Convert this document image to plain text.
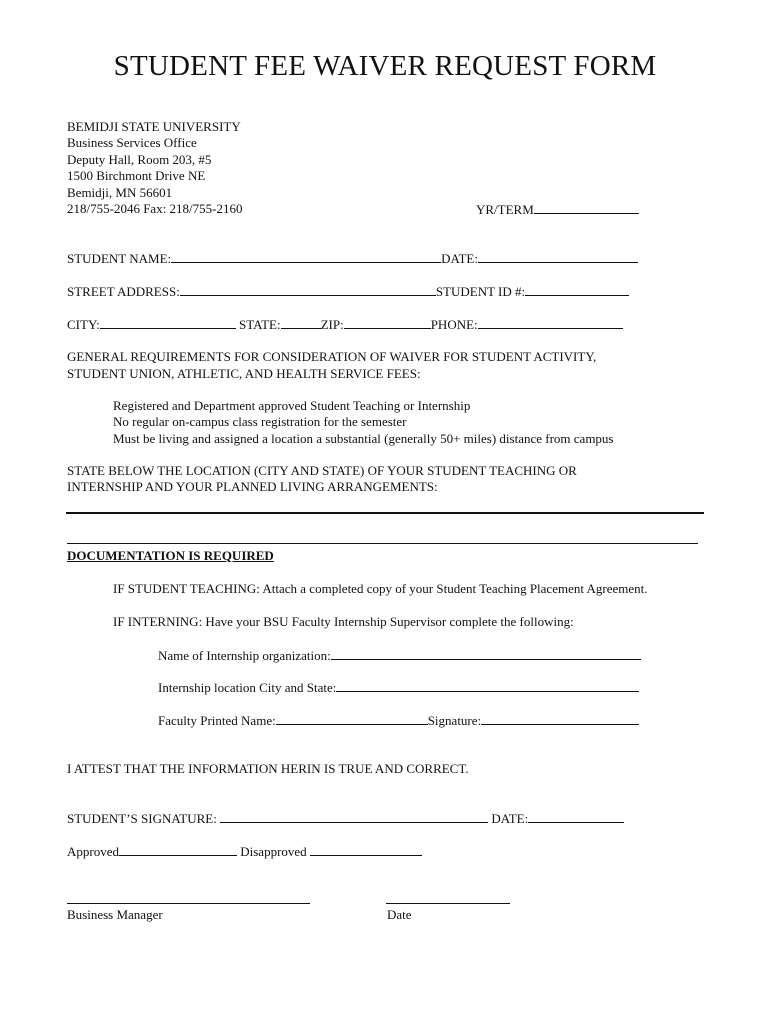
STUDENT FEE WAIVER REQUEST FORM
BEMIDJI STATE UNIVERSITY
Business Services Office
Deputy Hall, Room 203, #5
1500 Birchmont Drive NE
Bemidji, MN 56601
218/755-2046 Fax: 218/755-2160	YR/TERM
STUDENT NAME:	DATE:
STREET ADDRESS:	STUDENT ID #:
CITY:	STATE:	ZIP:	PHONE:
GENERAL REQUIREMENTS FOR CONSIDERATION OF WAIVER FOR STUDENT ACTIVITY,
STUDENT UNION, ATHLETIC, AND HEALTH SERVICE FEES:
Registered and Department approved Student Teaching or Internship
No regular on-campus class registration for the semester
Must be living and assigned a location a substantial (generally 50+ miles) distance from campus
STATE BELOW THE LOCATION (CITY AND STATE) OF YOUR STUDENT TEACHING OR
INTERNSHIP AND YOUR PLANNED LIVING ARRANGEMENTS:
DOCUMENTATION IS REQUIRED
IF STUDENT TEACHING: Attach a completed copy of your Student Teaching Placement Agreement.
IF INTERNING: Have your BSU Faculty Internship Supervisor complete the following:
Name of Internship organization:
Internship location City and State:
Faculty Printed Name:	Signature:
I ATTEST THAT THE INFORMATION HERIN IS TRUE AND CORRECT.
STUDENT’S SIGNATURE:	DATE:
Approved	Disapproved
Business Manager	Date
